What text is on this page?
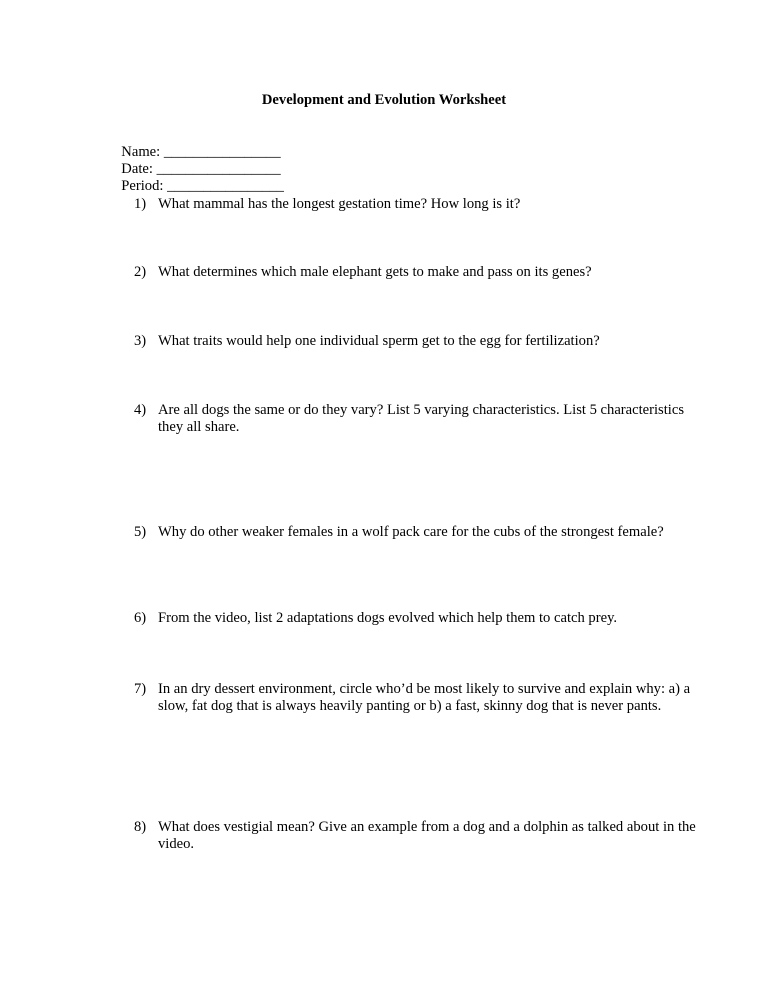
Development and Evolution Worksheet

Name: ________________

Date: _________________

Period: ________________

1) What mammal has the longest gestation time? How long is it?
2) What determines which male elephant gets to make and pass on its genes?
3) What traits would help one individual sperm get to the egg for fertilization?
4) Are all dogs the same or do they vary? List 5 varying characteristics. List 5 characteristics they all share.
5) Why do other weaker females in a wolf pack care for the cubs of the strongest female?
6) From the video, list 2 adaptations dogs evolved which help them to catch prey.
7) In an dry dessert environment, circle who’d be most likely to survive and explain why: a) a slow, fat dog that is always heavily panting or b) a fast, skinny dog that is never pants.
8) What does vestigial mean? Give an example from a dog and a dolphin as talked about in the video.
